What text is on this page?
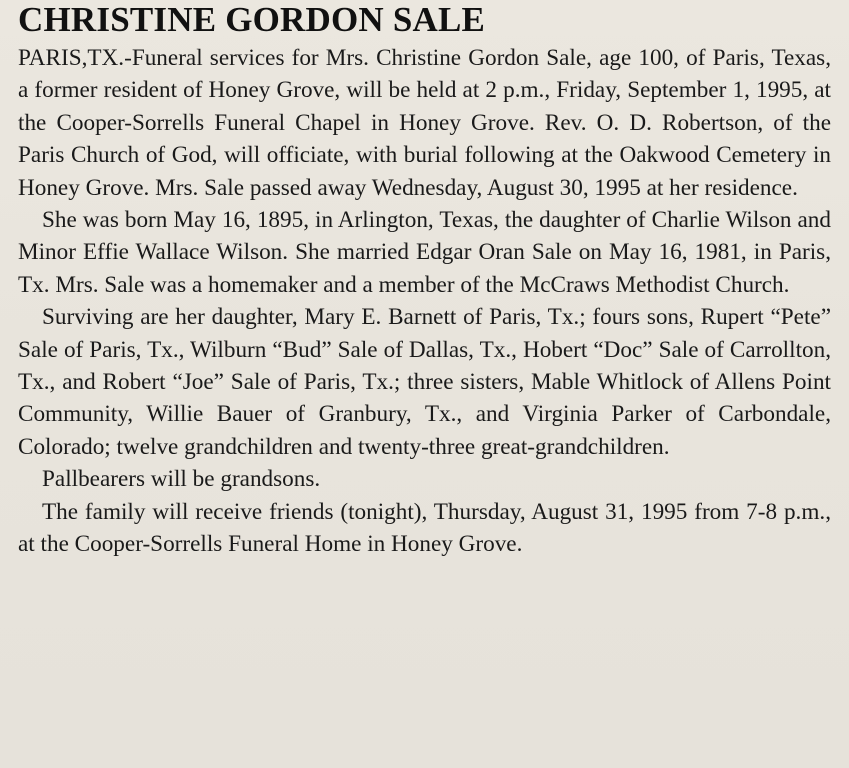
CHRISTINE GORDON SALE

PARIS,TX.-Funeral services for Mrs. Christine Gordon Sale, age 100, of Paris, Texas, a former resident of Honey Grove, will be held at 2 p.m., Friday, September 1, 1995, at the Cooper-Sorrells Funeral Chapel in Honey Grove. Rev. O. D. Robertson, of the Paris Church of God, will officiate, with burial following at the Oakwood Cemetery in Honey Grove. Mrs. Sale passed away Wednesday, August 30, 1995 at her residence.

She was born May 16, 1895, in Arlington, Texas, the daughter of Charlie Wilson and Minor Effie Wallace Wilson. She married Edgar Oran Sale on May 16, 1981, in Paris, Tx. Mrs. Sale was a homemaker and a member of the McCraws Methodist Church.

Surviving are her daughter, Mary E. Barnett of Paris, Tx.; fours sons, Rupert “Pete” Sale of Paris, Tx., Wilburn “Bud” Sale of Dallas, Tx., Hobert “Doc” Sale of Carrollton, Tx., and Robert “Joe” Sale of Paris, Tx.; three sisters, Mable Whitlock of Allens Point Community, Willie Bauer of Granbury, Tx., and Virginia Parker of Carbondale, Colorado; twelve grandchildren and twenty-three great-grandchildren.

Pallbearers will be grandsons.

The family will receive friends (tonight), Thursday, August 31, 1995 from 7-8 p.m., at the Cooper-Sorrells Funeral Home in Honey Grove.
